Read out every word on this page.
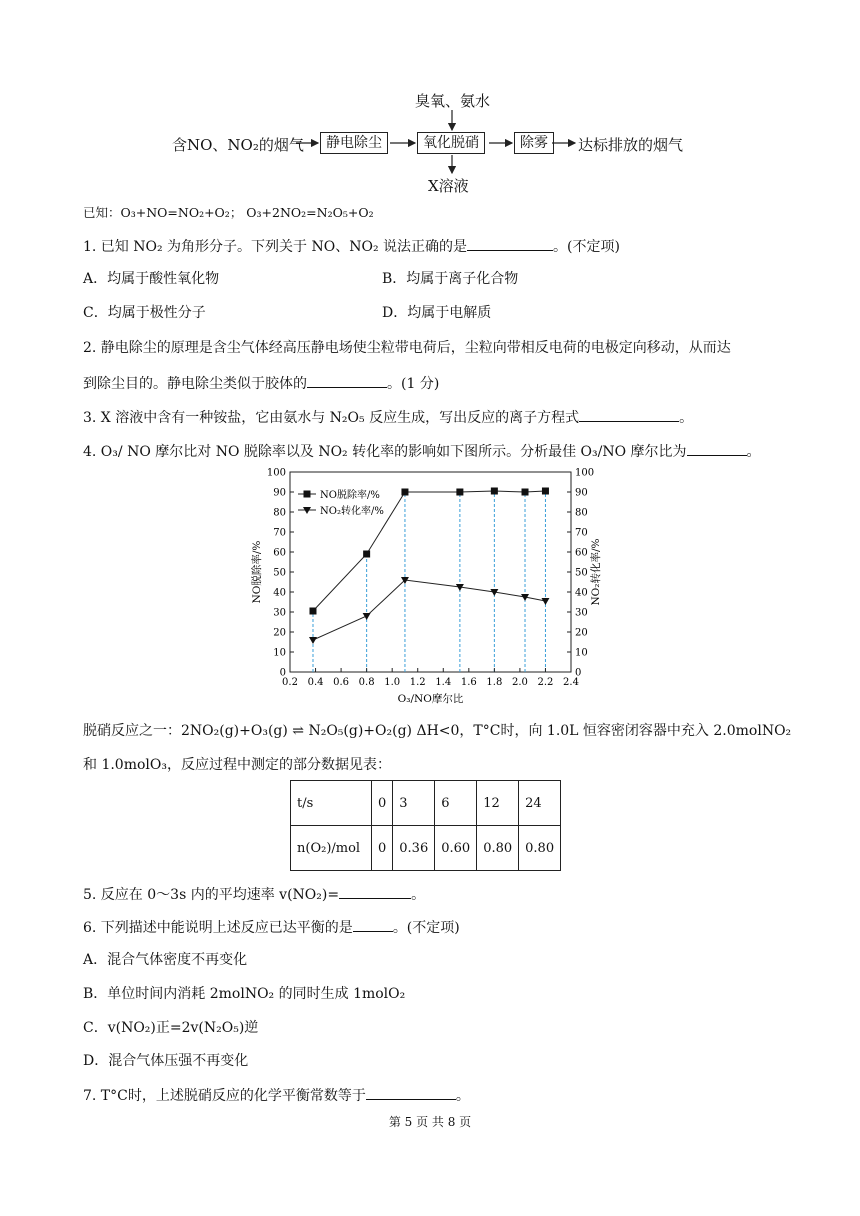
臭氧、氨水
含NO、NO₂的烟气	静电除尘	氧化脱硝	除雾	达标排放的烟气
X溶液
已知：O₃+NO=NO₂+O₂； O₃+2NO₂=N₂O₅+O₂
1. 已知 NO₂ 为角形分子。下列关于 NO、NO₂ 说法正确的是	。(不定项)
A．均属于酸性氧化物	B．均属于离子化合物
C．均属于极性分子	D．均属于电解质
2. 静电除尘的原理是含尘气体经高压静电场使尘粒带电荷后，尘粒向带相反电荷的电极定向移动，从而达
到除尘目的。静电除尘类似于胶体的	。(1 分)
3. X 溶液中含有一种铵盐，它由氨水与 N₂O₅ 反应生成，写出反应的离子方程式	。
4. O₃/ NO 摩尔比对 NO 脱除率以及 NO₂ 转化率的影响如下图所示。分析最佳 O₃/NO 摩尔比为	。
0.2 0.4 0.6 0.8 1.0 1.2 1.4 1.6 1.8 2.0 2.2 2.4
0	0
10	10
20	20
30	30
40	40
50	50
60	60
70	70
80	80
90	90
100	100
NO脱除率/%
NO₂转化率/%
O₃/NO摩尔比
NO脱除率/%	NO₂转化率/%
脱硝反应之一：2NO₂(g)+O₃(g) ⇌ N₂O₅(g)+O₂(g) ΔH<0，T°C时，向 1.0L 恒容密闭容器中充入 2.0molNO₂
和 1.0molO₃，反应过程中测定的部分数据见表：
t/s	0	3	6	12	24
n(O₂)/mol	0	0.36	0.60	0.80	0.80
5. 反应在 0～3s 内的平均速率 v(NO₂)=	。
6. 下列描述中能说明上述反应已达平衡的是	。(不定项)
A．混合气体密度不再变化
B．单位时间内消耗 2molNO₂ 的同时生成 1molO₂
C．v(NO₂)正=2v(N₂O₅)逆
D．混合气体压强不再变化
7. T°C时，上述脱硝反应的化学平衡常数等于	。
第 5 页 共 8 页
